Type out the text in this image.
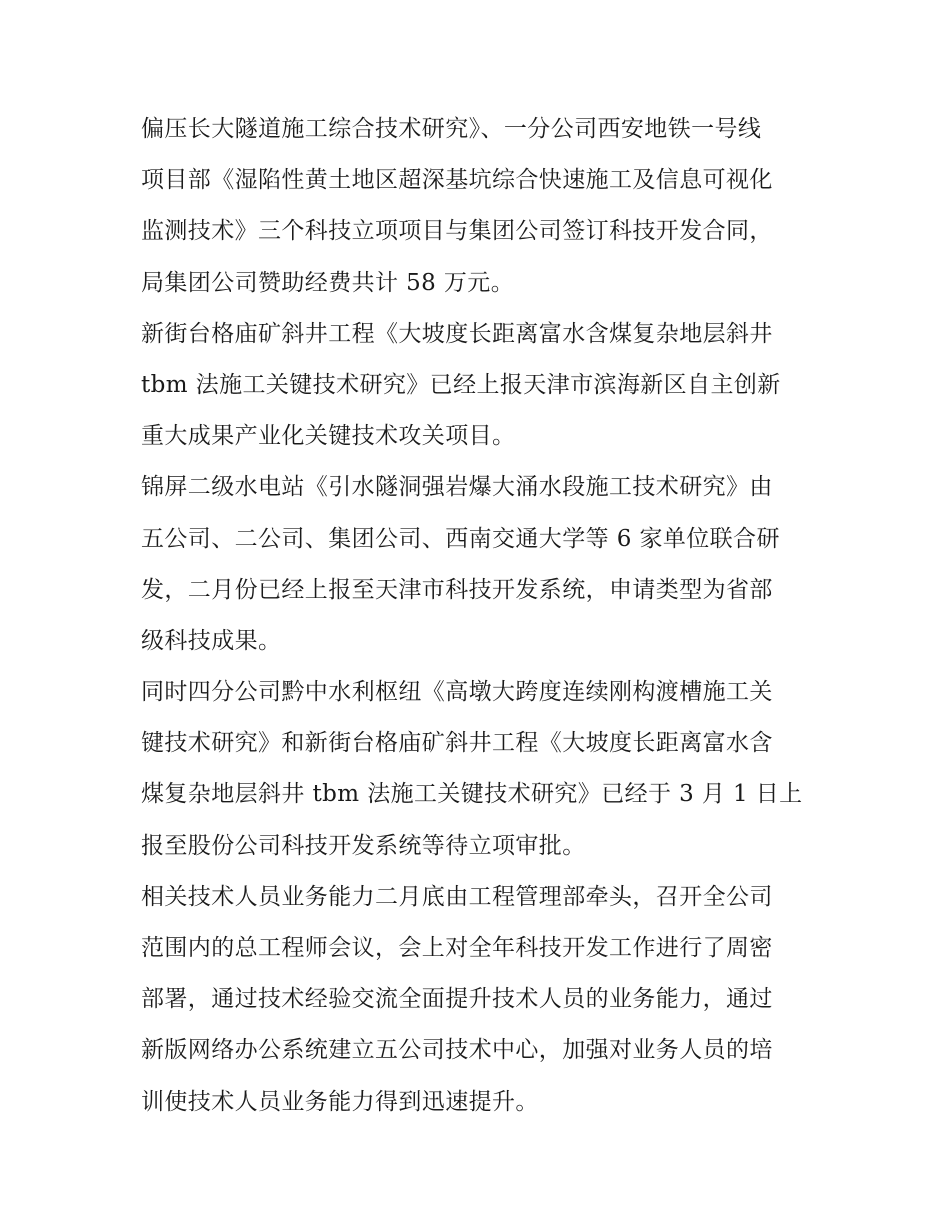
偏压长大隧道施工综合技术研究》、一分公司西安地铁一号线
项目部《湿陷性黄土地区超深基坑综合快速施工及信息可视化
监测技术》三个科技立项项目与集团公司签订科技开发合同，
局集团公司赞助经费共计 58 万元。

新街台格庙矿斜井工程《大坡度长距离富水含煤复杂地层斜井
tbm 法施工关键技术研究》已经上报天津市滨海新区自主创新
重大成果产业化关键技术攻关项目。

锦屏二级水电站《引水隧洞强岩爆大涌水段施工技术研究》由
五公司、二公司、集团公司、西南交通大学等 6 家单位联合研
发，二月份已经上报至天津市科技开发系统，申请类型为省部
级科技成果。

同时四分公司黔中水利枢纽《高墩大跨度连续刚构渡槽施工关
键技术研究》和新街台格庙矿斜井工程《大坡度长距离富水含
煤复杂地层斜井 tbm 法施工关键技术研究》已经于 3 月 1 日上
报至股份公司科技开发系统等待立项审批。

相关技术人员业务能力二月底由工程管理部牵头，召开全公司
范围内的总工程师会议，会上对全年科技开发工作进行了周密
部署，通过技术经验交流全面提升技术人员的业务能力，通过
新版网络办公系统建立五公司技术中心，加强对业务人员的培
训使技术人员业务能力得到迅速提升。
